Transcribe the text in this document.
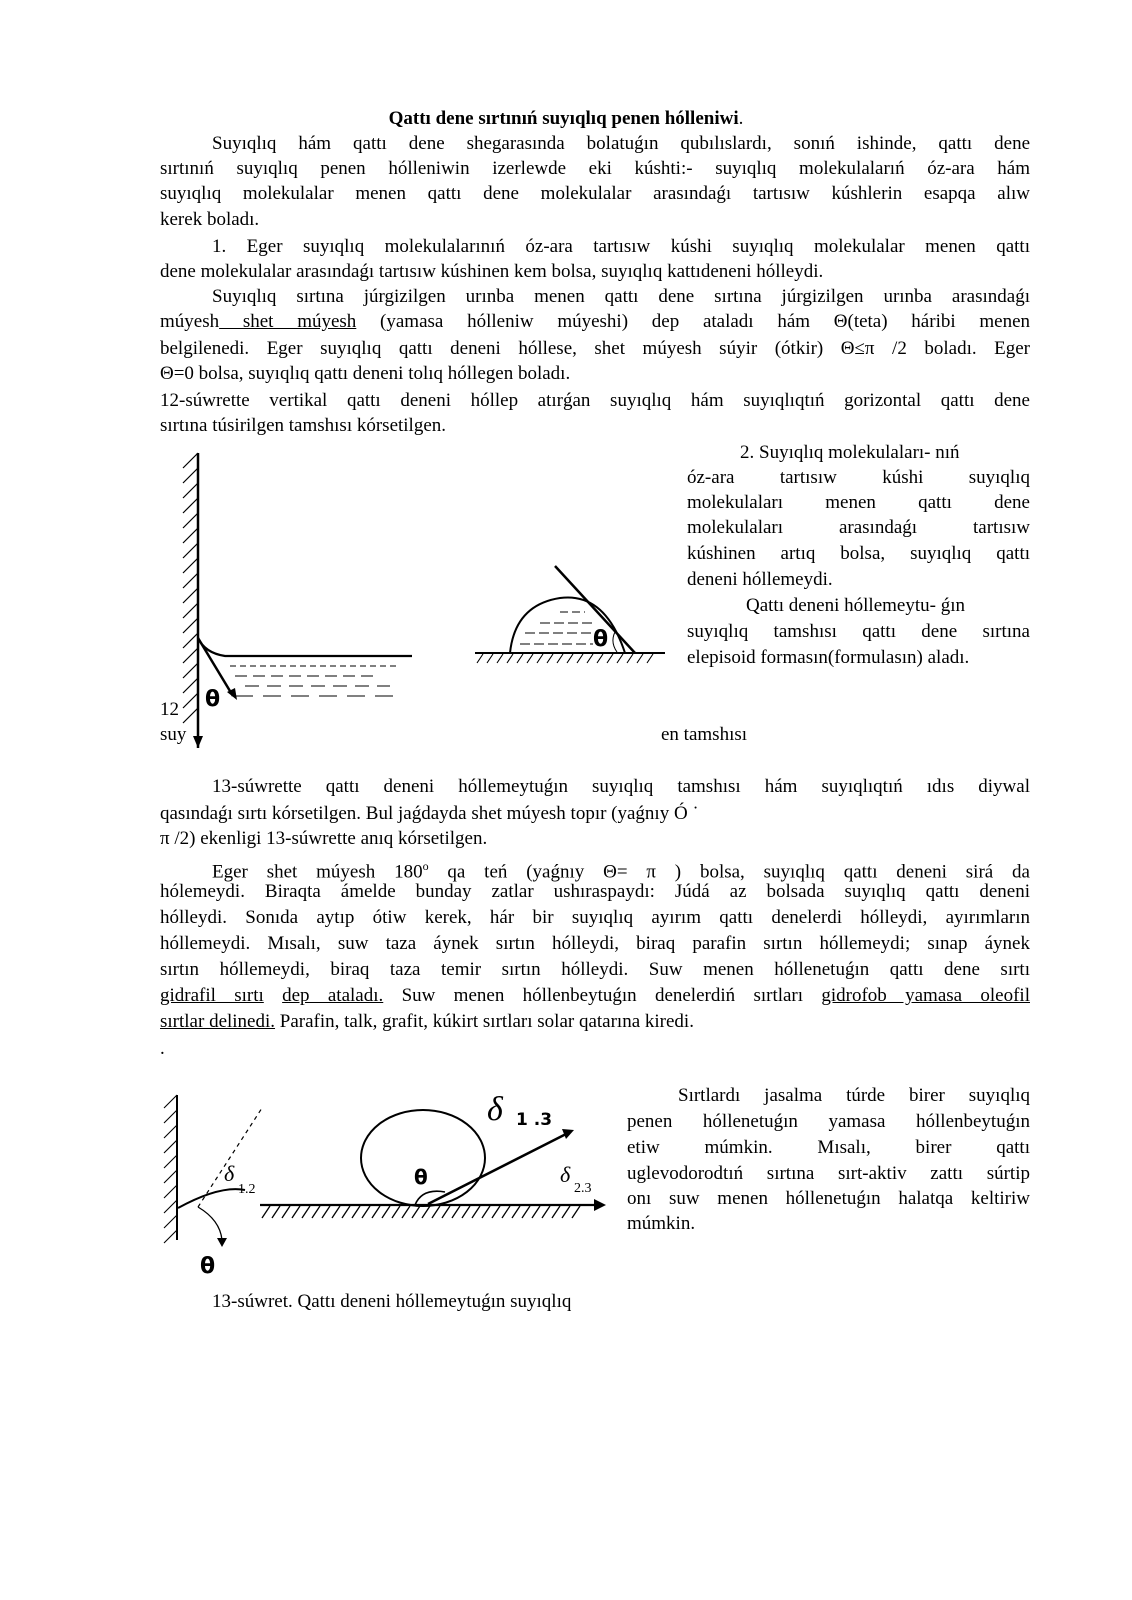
Qattı dene sırtınıń suyıqlıq penen hólleniwi.
Suyıqlıq hám qattı dene shegarasında bolatuǵın qubılıslardı, sonıń ishinde, qattı dene
sırtınıń suyıqlıq penen hólleniwin izerlewde eki kúshti:- suyıqlıq molekulalarıń óz-ara hám
suyıqlıq molekulalar menen qattı dene molekulalar arasındaǵı tartısıw kúshlerin esapqa alıw
kerek boladı.
1. Eger suyıqlıq molekulalarınıń óz-ara tartısıw kúshi suyıqlıq molekulalar menen qattı
dene molekulalar arasındaǵı tartısıw kúshinen kem bolsa, suyıqlıq kattıdeneni hólleydi.
Suyıqlıq sırtına júrgizilgen urınba menen qattı dene sırtına júrgizilgen urınba arasındaǵı
múyesh shet múyesh (yamasa hólleniw múyeshi) dep ataladı hám Θ(teta) háribi menen
belgilenedi. Eger suyıqlıq qattı deneni hóllese, shet múyesh súyir (ótkir) Θ≤π /2 boladı. Eger
Θ=0 bolsa, suyıqlıq qattı deneni tolıq hóllegen boladı.
12-súwrette vertikal qattı deneni hóllep atırǵan suyıqlıq hám suyıqlıqtıń gorizontal qattı dene
sırtına túsirilgen tamshısı kórsetilgen.
2. Suyıqlıq molekulaları- nıń
óz-ara tartısıw kúshi suyıqlıq
molekulaları menen qattı dene
molekulaları arasındaǵı tartısıw
kúshinen artıq bolsa, suyıqlıq qattı
deneni hóllemeydi.
Qattı deneni hóllemeytu- ǵın
suyıqlıq tamshısı qattı dene sırtına
elepisoid formasın(formulasın) aladı.
12
suy	en tamshısı
θ
θ
13-súwrette qattı deneni hóllemeytuǵın suyıqlıq tamshısı hám suyıqlıqtıń ıdıs diywal
qasındaǵı sırtı kórsetilgen. Bul jaǵdayda shet múyesh topır (yaǵnıy Ó ˙
π /2) ekenligi 13-súwrette anıq kórsetilgen.
Eger shet múyesh 180$^o$ qa teń (yaǵnıy Θ= π ) bolsa, suyıqlıq qattı deneni sirá da
hólemeydi. Biraqta ámelde bunday zatlar ushıraspaydı: Júdá az bolsada suyıqlıq qattı deneni
hólleydi. Sonıda aytıp ótiw kerek, hár bir suyıqlıq ayırım qattı denelerdi hólleydi, ayırımların
hóllemeydi. Mısalı, suw taza áynek sırtın hólleydi, biraq parafin sırtın hóllemeydi; sınap áynek
sırtın hóllemeydi, biraq taza temir sırtın hólleydi. Suw menen hóllenetuǵın qattı dene sırtı
gidrafil sırtı dep ataladı. Suw menen hóllenbeytuǵın denelerdiń sırtları gidrofob yamasa oleofil
sırtlar delinedi. Parafin, talk, grafit, kúkirt sırtları solar qatarına kiredi.
.
Sırtlardı jasalma túrde birer suyıqlıq
penen hóllenetuǵın yamasa hóllenbeytuǵın
etiw múmkin. Mısalı, birer qattı
uglevodorodtıń sırtına sırt-aktiv zattı súrtip
onı suw menen hóllenetuǵın halatqa keltiriw
múmkin.
θ
δ
1.2
θ
δ 1 .3
δ
2.3
13-súwret. Qattı deneni hóllemeytuǵın suyıqlıq
